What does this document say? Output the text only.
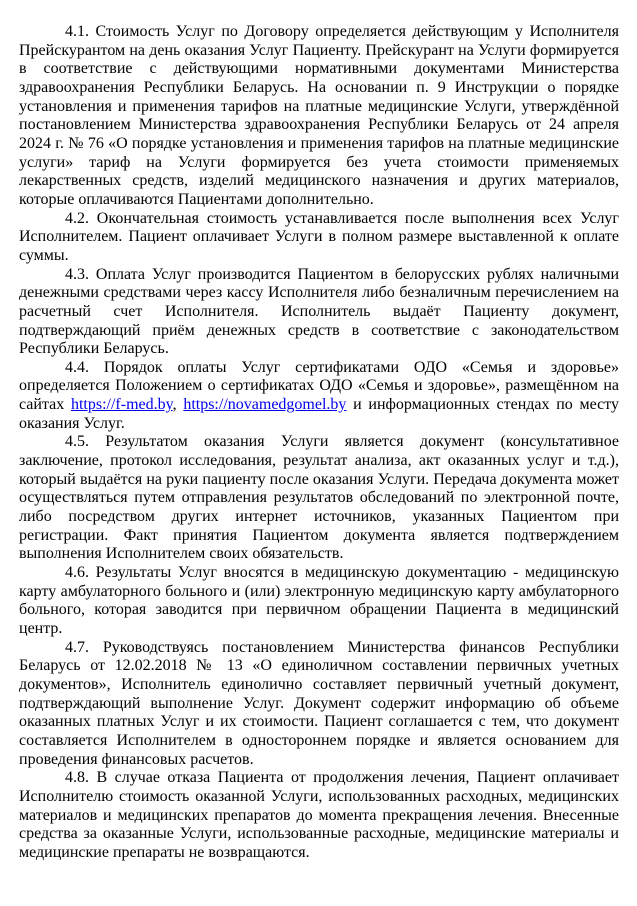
4.1. Стоимость Услуг по Договору определяется действующим у Исполнителя Прейскурантом на день оказания Услуг Пациенту. Прейскурант на Услуги формируется в соответствие с действующими нормативными документами Министерства здравоохранения Республики Беларусь. На основании п. 9 Инструкции о порядке установления и применения тарифов на платные медицинские Услуги, утверждённой постановлением Министерства здравоохранения Республики Беларусь от 24 апреля 2024 г. № 76 «О порядке установления и применения тарифов на платные медицинские услуги» тариф на Услуги формируется без учета стоимости применяемых лекарственных средств, изделий медицинского назначения и других материалов, которые оплачиваются Пациентами дополнительно.

4.2. Окончательная стоимость устанавливается после выполнения всех Услуг Исполнителем. Пациент оплачивает Услуги в полном размере выставленной к оплате суммы.

4.3. Оплата Услуг производится Пациентом в белорусских рублях наличными денежными средствами через кассу Исполнителя либо безналичным перечислением на расчетный счет Исполнителя. Исполнитель выдаёт Пациенту документ, подтверждающий приём денежных средств в соответствие с законодательством Республики Беларусь.

4.4. Порядок оплаты Услуг сертификатами ОДО «Семья и здоровье» определяется Положением о сертификатах ОДО «Семья и здоровье», размещённом на сайтах https://f-med.by, https://novamedgomel.by и информационных стендах по месту оказания Услуг.

4.5. Результатом оказания Услуги является документ (консультативное заключение, протокол исследования, результат анализа, акт оказанных услуг и т.д.), который выдаётся на руки пациенту после оказания Услуги. Передача документа может осуществляться путем отправления результатов обследований по электронной почте, либо посредством других интернет источников, указанных Пациентом при регистрации. Факт принятия Пациентом документа является подтверждением выполнения Исполнителем своих обязательств.

4.6. Результаты Услуг вносятся в медицинскую документацию - медицинскую карту амбулаторного больного и (или) электронную медицинскую карту амбулаторного больного, которая заводится при первичном обращении Пациента в медицинский центр.

4.7. Руководствуясь постановлением Министерства финансов Республики Беларусь от 12.02.2018 № 13 «О единоличном составлении первичных учетных документов», Исполнитель единолично составляет первичный учетный документ, подтверждающий выполнение Услуг. Документ содержит информацию об объеме оказанных платных Услуг и их стоимости. Пациент соглашается с тем, что документ составляется Исполнителем в одностороннем порядке и является основанием для проведения финансовых расчетов.

4.8. В случае отказа Пациента от продолжения лечения, Пациент оплачивает Исполнителю стоимость оказанной Услуги, использованных расходных, медицинских материалов и медицинских препаратов до момента прекращения лечения. Внесенные средства за оказанные Услуги, использованные расходные, медицинские материалы и медицинские препараты не возвращаются.
